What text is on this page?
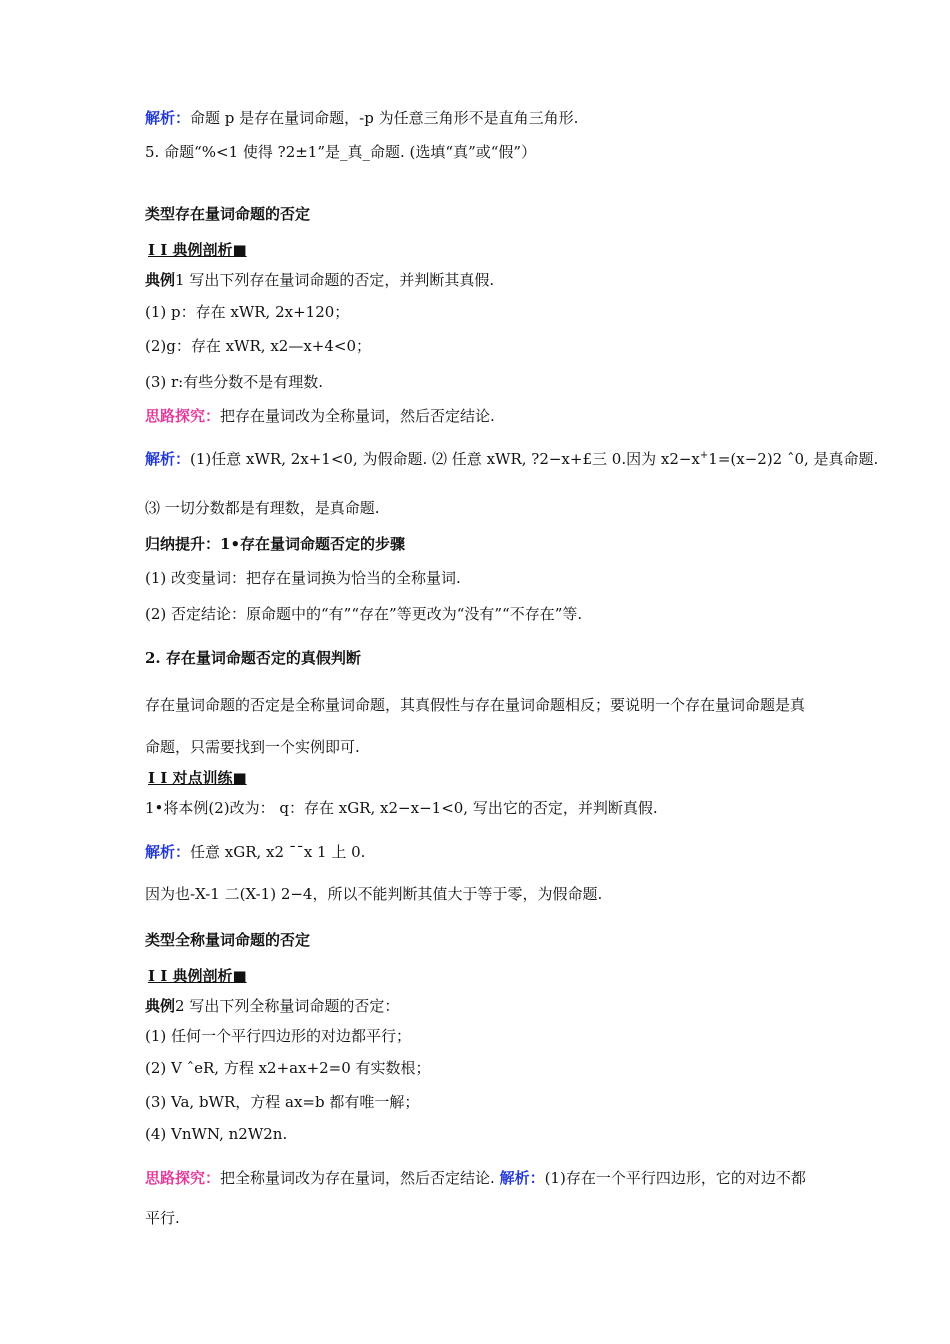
解析：命题 p 是存在量词命题，-p 为任意三角形不是直角三角形.
5. 命题“%<1 使得 ?2±1”是_真_命题. (选填“真”或“假”）
类型存在量词命题的否定
I I 典例剖析■
典例1 写出下列存在量词命题的否定，并判断其真假.
(1) p：存在 xWR, 2x+120；
(2)g：存在 xWR, x2—x+4<0；
(3) r:有些分数不是有理数.
思路探究：把存在量词改为全称量词，然后否定结论.
解析：(1)任意 xWR, 2x+1<0, 为假命题. ⑵ 任意 xWR, ?2−x+£三 0.因为 x2−x+1=(x−2)2 ˆ0, 是真命题.
⑶ 一切分数都是有理数，是真命题.
归纳提升：1•存在量词命题否定的步骤
(1) 改变量词：把存在量词换为恰当的全称量词.
(2) 否定结论：原命题中的“有”“存在”等更改为“没有”“不存在”等.
2. 存在量词命题否定的真假判断
存在量词命题的否定是全称量词命题，其真假性与存在量词命题相反；要说明一个存在量词命题是真命题，只需要找到一个实例即可.
I I 对点训练■
1•将本例(2)改为： q：存在 xGR, x2−x−1<0, 写出它的否定，并判断真假.
解析：任意 xGR, x2 ˉˉx 1 上 0.
因为也-X-1 二(X-1) 2−4，所以不能判断其值大于等于零，为假命题.
类型全称量词命题的否定
I I 典例剖析■
典例2 写出下列全称量词命题的否定：
(1) 任何一个平行四边形的对边都平行；
(2) V ˆeR, 方程 x2+ax+2=0 有实数根；
(3) Va, bWR，方程 ax=b 都有唯一解；
(4) VnWN, n2W2n.
思路探究：把全称量词改为存在量词，然后否定结论. 解析：(1)存在一个平行四边形，它的对边不都平行.
